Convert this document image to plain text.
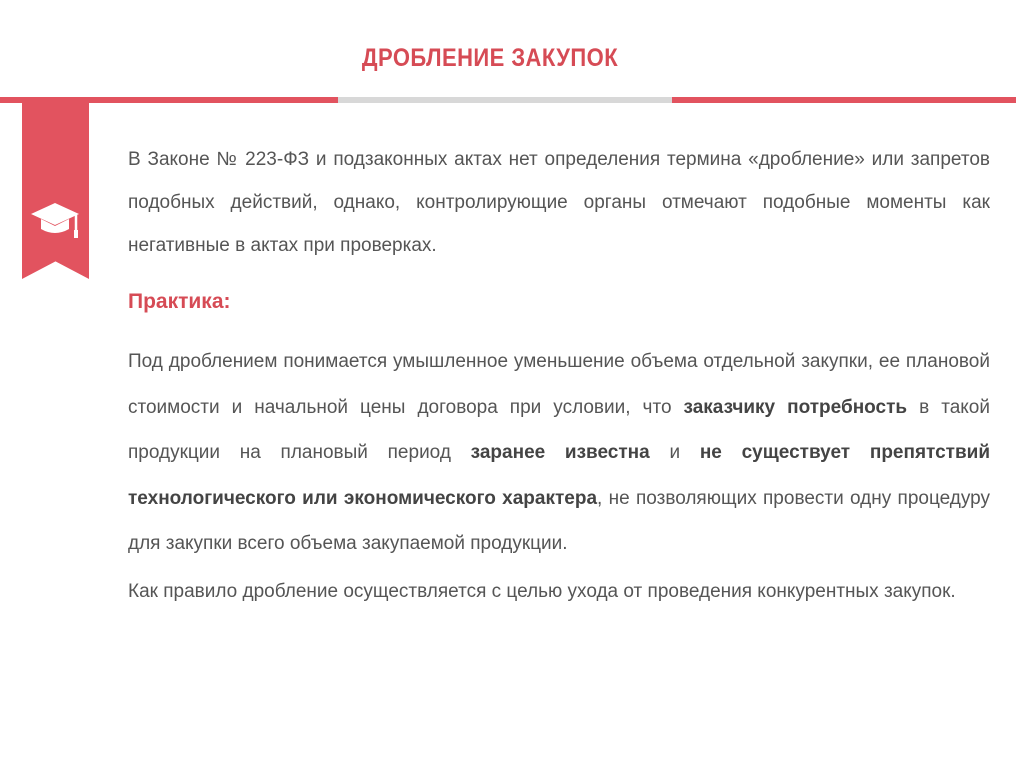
ДРОБЛЕНИЕ ЗАКУПОК

В Законе № 223-ФЗ и подзаконных актах нет определения термина «дробление» или запретов подобных действий, однако, контролирующие органы отмечают подобные моменты как негативные в актах при проверках.

Практика:

Под дроблением понимается умышленное уменьшение объема отдельной закупки, ее плановой стоимости и начальной цены договора при условии, что заказчику потребность в такой продукции на плановый период заранее известна и не существует препятствий технологического или экономического характера, не позволяющих провести одну процедуру для закупки всего объема закупаемой продукции.

Как правило дробление осуществляется с целью ухода от проведения конкурентных закупок.
